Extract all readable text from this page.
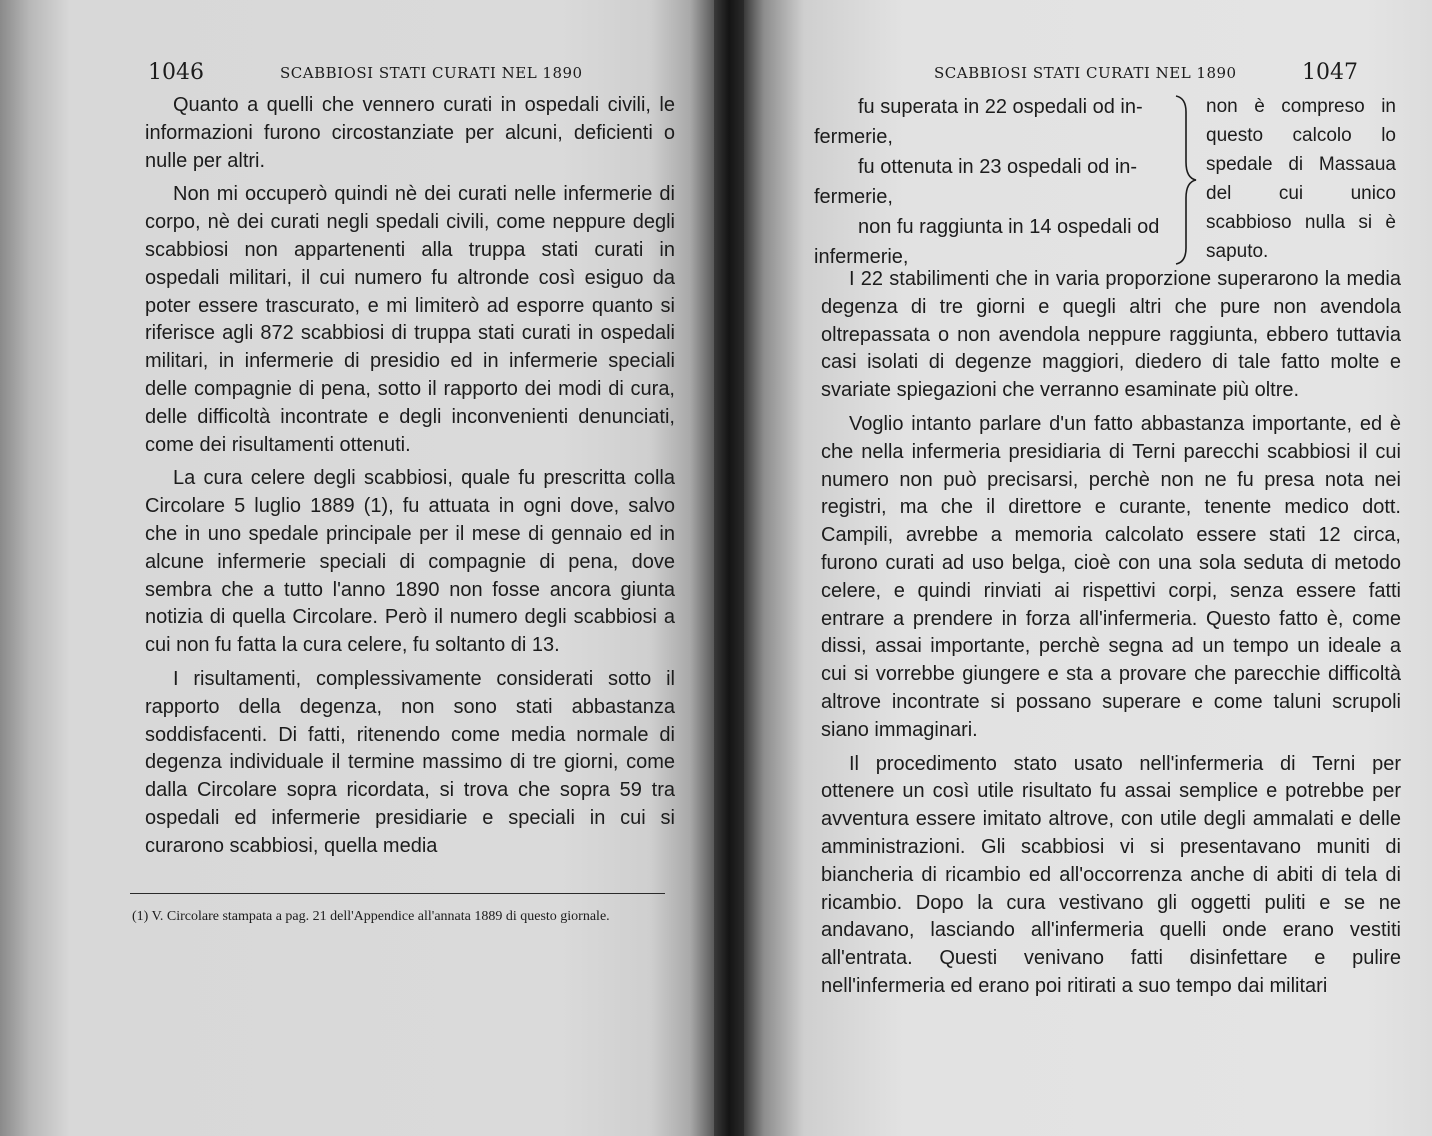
1046	SCABBIOSI STATI CURATI NEL 1890

Quanto a quelli che vennero curati in ospedali civili, le informazioni furono circostanziate per alcuni, deficienti o nulle per altri.

Non mi occuperò quindi nè dei curati nelle infermerie di corpo, nè dei curati negli spedali civili, come neppure degli scabbiosi non appartenenti alla truppa stati curati in ospedali militari, il cui numero fu altronde così esiguo da poter essere trascurato, e mi limiterò ad esporre quanto si riferisce agli 872 scabbiosi di truppa stati curati in ospedali militari, in infermerie di presidio ed in infermerie speciali delle compagnie di pena, sotto il rapporto dei modi di cura, delle difficoltà incontrate e degli inconvenienti denunciati, come dei risultamenti ottenuti.

La cura celere degli scabbiosi, quale fu prescritta colla Circolare 5 luglio 1889 (1), fu attuata in ogni dove, salvo che in uno spedale principale per il mese di gennaio ed in alcune infermerie speciali di compagnie di pena, dove sembra che a tutto l'anno 1890 non fosse ancora giunta notizia di quella Circolare. Però il numero degli scabbiosi a cui non fu fatta la cura celere, fu soltanto di 13.

I risultamenti, complessivamente considerati sotto il rapporto della degenza, non sono stati abbastanza soddisfacenti. Di fatti, ritenendo come media normale di degenza individuale il termine massimo di tre giorni, come dalla Circolare sopra ricordata, si trova che sopra 59 tra ospedali ed infermerie presidiarie e speciali in cui si curarono scabbiosi, quella media

(1) V. Circolare stampata a pag. 21 dell'Appendice all'annata 1889 di questo giornale.
SCABBIOSI STATI CURATI NEL 1890	1047
fu superata in 22 ospedali od in-
fermerie,
fu ottenuta in 23 ospedali od in-
fermerie,
non fu raggiunta in 14 ospedali od
infermerie,
non è compreso in questo calcolo lo spedale di Massaua del cui unico scabbioso nulla si è saputo.

I 22 stabilimenti che in varia proporzione superarono la media degenza di tre giorni e quegli altri che pure non avendola oltrepassata o non avendola neppure raggiunta, ebbero tuttavia casi isolati di degenze maggiori, diedero di tale fatto molte e svariate spiegazioni che verranno esaminate più oltre.

Voglio intanto parlare d'un fatto abbastanza importante, ed è che nella infermeria presidiaria di Terni parecchi scabbiosi il cui numero non può precisarsi, perchè non ne fu presa nota nei registri, ma che il direttore e curante, tenente medico dott. Campili, avrebbe a memoria calcolato essere stati 12 circa, furono curati ad uso belga, cioè con una sola seduta di metodo celere, e quindi rinviati ai rispettivi corpi, senza essere fatti entrare a prendere in forza all'infermeria. Questo fatto è, come dissi, assai importante, perchè segna ad un tempo un ideale a cui si vorrebbe giungere e sta a provare che parecchie difficoltà altrove incontrate si possano superare e come taluni scrupoli siano immaginari.

Il procedimento stato usato nell'infermeria di Terni per ottenere un così utile risultato fu assai semplice e potrebbe per avventura essere imitato altrove, con utile degli ammalati e delle amministrazioni. Gli scabbiosi vi si presentavano muniti di biancheria di ricambio ed all'occorrenza anche di abiti di tela di ricambio. Dopo la cura vestivano gli oggetti puliti e se ne andavano, lasciando all'infermeria quelli onde erano vestiti all'entrata. Questi venivano fatti disinfettare e pulire nell'infermeria ed erano poi ritirati a suo tempo dai militari
